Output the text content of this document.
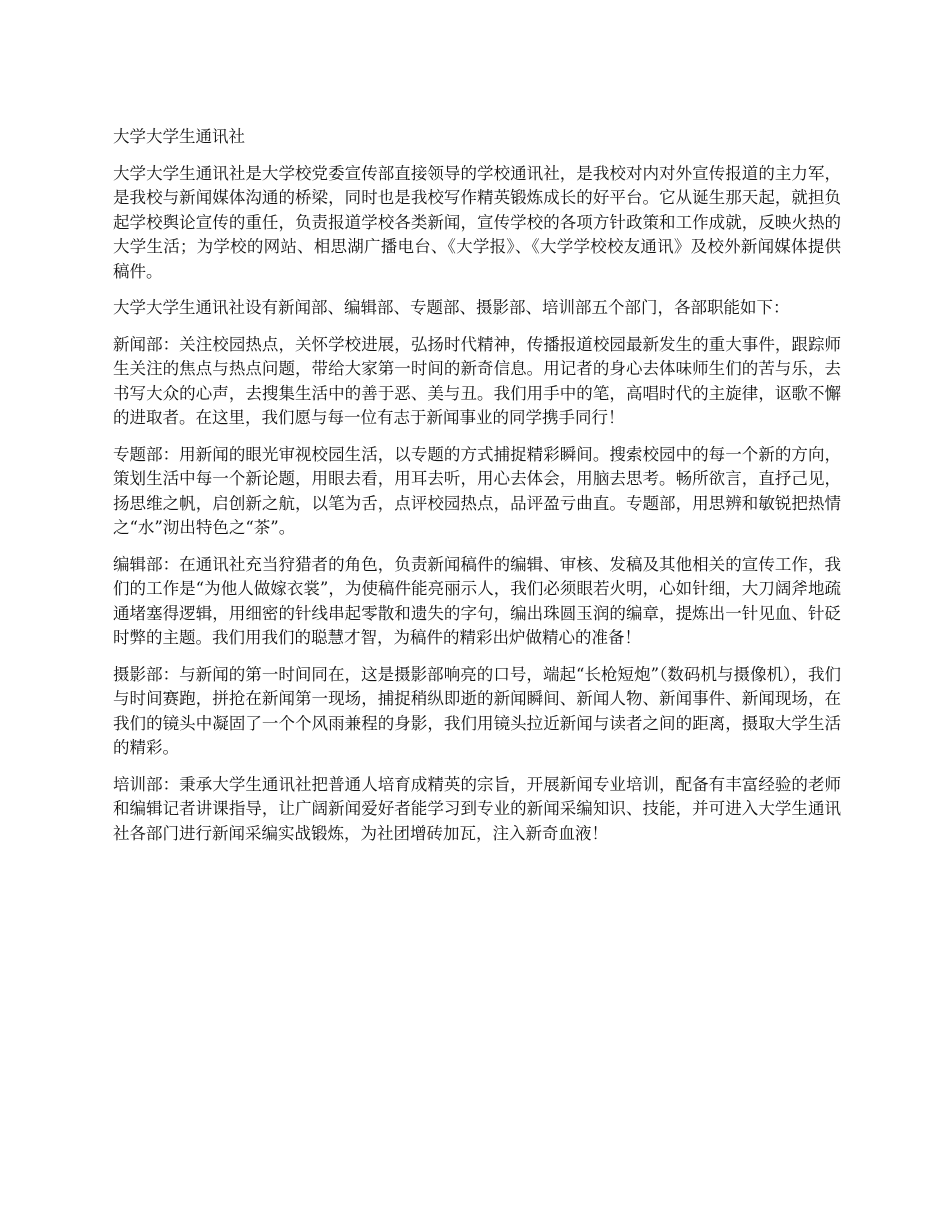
大学大学生通讯社

大学大学生通讯社是大学校党委宣传部直接领导的学校通讯社，是我校对内对外宣传报道的主力军，是我校与新闻媒体沟通的桥梁，同时也是我校写作精英锻炼成长的好平台。它从诞生那天起，就担负起学校舆论宣传的重任，负责报道学校各类新闻，宣传学校的各项方针政策和工作成就，反映火热的大学生活；为学校的网站、相思湖广播电台、《大学报》、《大学学校校友通讯》及校外新闻媒体提供稿件。

大学大学生通讯社设有新闻部、编辑部、专题部、摄影部、培训部五个部门，各部职能如下：

新闻部：关注校园热点，关怀学校进展，弘扬时代精神，传播报道校园最新发生的重大事件，跟踪师生关注的焦点与热点问题，带给大家第一时间的新奇信息。用记者的身心去体味师生们的苦与乐，去书写大众的心声，去搜集生活中的善于恶、美与丑。我们用手中的笔，高唱时代的主旋律，讴歌不懈的进取者。在这里，我们愿与每一位有志于新闻事业的同学携手同行！

专题部：用新闻的眼光审视校园生活，以专题的方式捕捉精彩瞬间。搜索校园中的每一个新的方向，策划生活中每一个新论题，用眼去看，用耳去听，用心去体会，用脑去思考。畅所欲言，直抒己见，扬思维之帆，启创新之航，以笔为舌，点评校园热点，品评盈亏曲直。专题部，用思辨和敏锐把热情之“水”沏出特色之“茶”。

编辑部：在通讯社充当狩猎者的角色，负责新闻稿件的编辑、审核、发稿及其他相关的宣传工作，我们的工作是“为他人做嫁衣裳”，为使稿件能亮丽示人，我们必须眼若火明，心如针细，大刀阔斧地疏通堵塞得逻辑，用细密的针线串起零散和遗失的字句，编出珠圆玉润的编章，提炼出一针见血、针砭时弊的主题。我们用我们的聪慧才智，为稿件的精彩出炉做精心的准备！

摄影部：与新闻的第一时间同在，这是摄影部响亮的口号，端起“长枪短炮”（数码机与摄像机），我们与时间赛跑，拼抢在新闻第一现场，捕捉稍纵即逝的新闻瞬间、新闻人物、新闻事件、新闻现场，在我们的镜头中凝固了一个个风雨兼程的身影，我们用镜头拉近新闻与读者之间的距离，摄取大学生活的精彩。

培训部：秉承大学生通讯社把普通人培育成精英的宗旨，开展新闻专业培训，配备有丰富经验的老师和编辑记者讲课指导，让广阔新闻爱好者能学习到专业的新闻采编知识、技能，并可进入大学生通讯社各部门进行新闻采编实战锻炼，为社团增砖加瓦，注入新奇血液！
